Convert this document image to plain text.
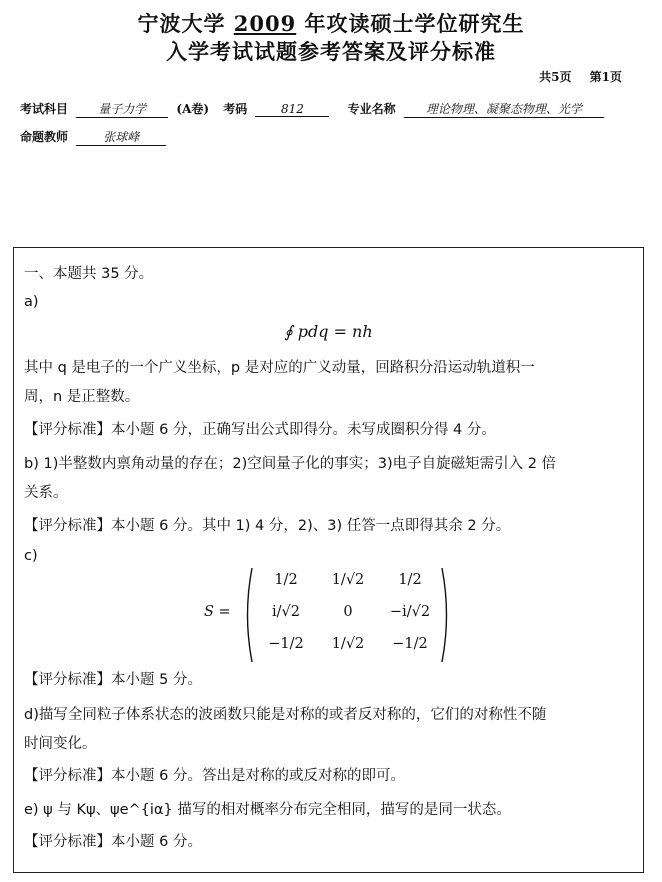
宁波大学 2009 年攻读硕士学位研究生
入学考试试题参考答案及评分标准
共5页 第1页
考试科目	量子力学	(A卷) 考码	812	专业名称	理论物理、凝聚态物理、光学
命题教师	张球峰
一、本题共 35 分。
a)
∮ pdq = nh
其中 q 是电子的一个广义坐标，p 是对应的广义动量，回路积分沿运动轨道积一
周，n 是正整数。
【评分标准】本小题 6 分，正确写出公式即得分。未写成圈积分得 4 分。
b) 1)半整数内禀角动量的存在；2)空间量子化的事实；3)电子自旋磁矩需引入 2 倍
关系。
【评分标准】本小题 6 分。其中 1) 4 分，2)、3) 任答一点即得其余 2 分。
c)
S =
1/2	1/√2	1/2
i/√2	0	−i/√2
−1/2	1/√2	−1/2
【评分标准】本小题 5 分。
d)描写全同粒子体系状态的波函数只能是对称的或者反对称的，它们的对称性不随
时间变化。
【评分标准】本小题 6 分。答出是对称的或反对称的即可。
e) ψ 与 Kψ、ψe^{iα} 描写的相对概率分布完全相同，描写的是同一状态。
【评分标准】本小题 6 分。
